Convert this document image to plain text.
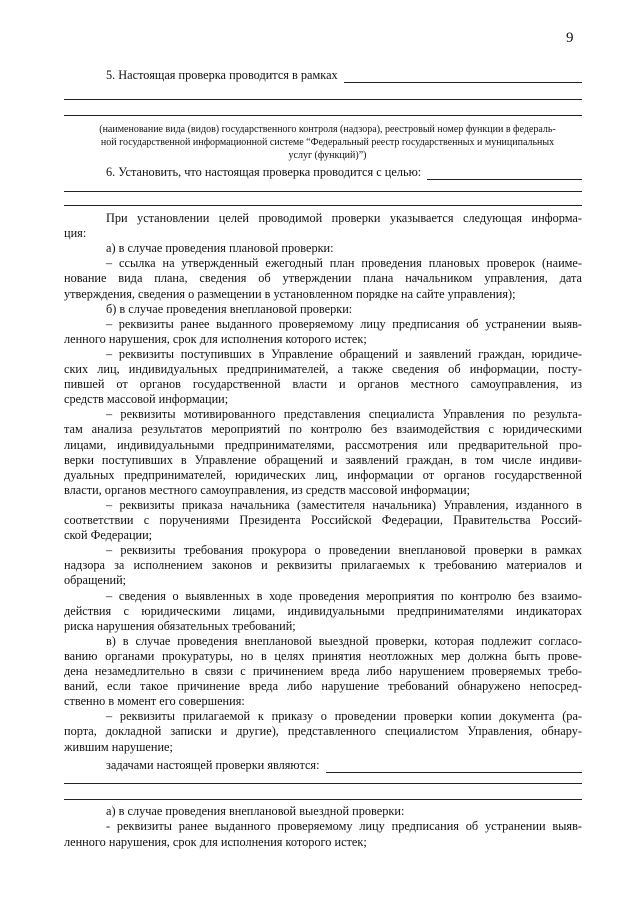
9
5. Настоящая проверка проводится в рамках
(наименование вида (видов) государственного контроля (надзора), реестровый номер функции в федераль-
ной государственной информационной системе “Федеральный реестр государственных и муниципальных
услуг (функций)”)
6. Установить, что настоящая проверка проводится с целью:
При установлении целей проводимой проверки указывается следующая информа-
ция:
а) в случае проведения плановой проверки:
– ссылка на утвержденный ежегодный план проведения плановых проверок (наиме-
нование вида плана, сведения об утверждении плана начальником управления, дата
утверждения, сведения о размещении в установленном порядке на сайте управления);
б) в случае проведения внеплановой проверки:
– реквизиты ранее выданного проверяемому лицу предписания об устранении выяв-
ленного нарушения, срок для исполнения которого истек;
– реквизиты поступивших в Управление обращений и заявлений граждан, юридиче-
ских лиц, индивидуальных предпринимателей, а также сведения об информации, посту-
пившей от органов государственной власти и органов местного самоуправления, из
средств массовой информации;
– реквизиты мотивированного представления специалиста Управления по результа-
там анализа результатов мероприятий по контролю без взаимодействия с юридическими
лицами, индивидуальными предпринимателями, рассмотрения или предварительной про-
верки поступивших в Управление обращений и заявлений граждан, в том числе индиви-
дуальных предпринимателей, юридических лиц, информации от органов государственной
власти, органов местного самоуправления, из средств массовой информации;
– реквизиты приказа начальника (заместителя начальника) Управления, изданного в
соответствии с поручениями Президента Российской Федерации, Правительства Россий-
ской Федерации;
– реквизиты требования прокурора о проведении внеплановой проверки в рамках
надзора за исполнением законов и реквизиты прилагаемых к требованию материалов и
обращений;
– сведения о выявленных в ходе проведения мероприятия по контролю без взаимо-
действия с юридическими лицами, индивидуальными предпринимателями индикаторах
риска нарушения обязательных требований;
в) в случае проведения внеплановой выездной проверки, которая подлежит согласо-
ванию органами прокуратуры, но в целях принятия неотложных мер должна быть прове-
дена незамедлительно в связи с причинением вреда либо нарушением проверяемых требо-
ваний, если такое причинение вреда либо нарушение требований обнаружено непосред-
ственно в момент его совершения:
– реквизиты прилагаемой к приказу о проведении проверки копии документа (ра-
порта, докладной записки и другие), представленного специалистом Управления, обнару-
жившим нарушение;
задачами настоящей проверки являются:
а) в случае проведения внеплановой выездной проверки:
- реквизиты ранее выданного проверяемому лицу предписания об устранении выяв-
ленного нарушения, срок для исполнения которого истек;
